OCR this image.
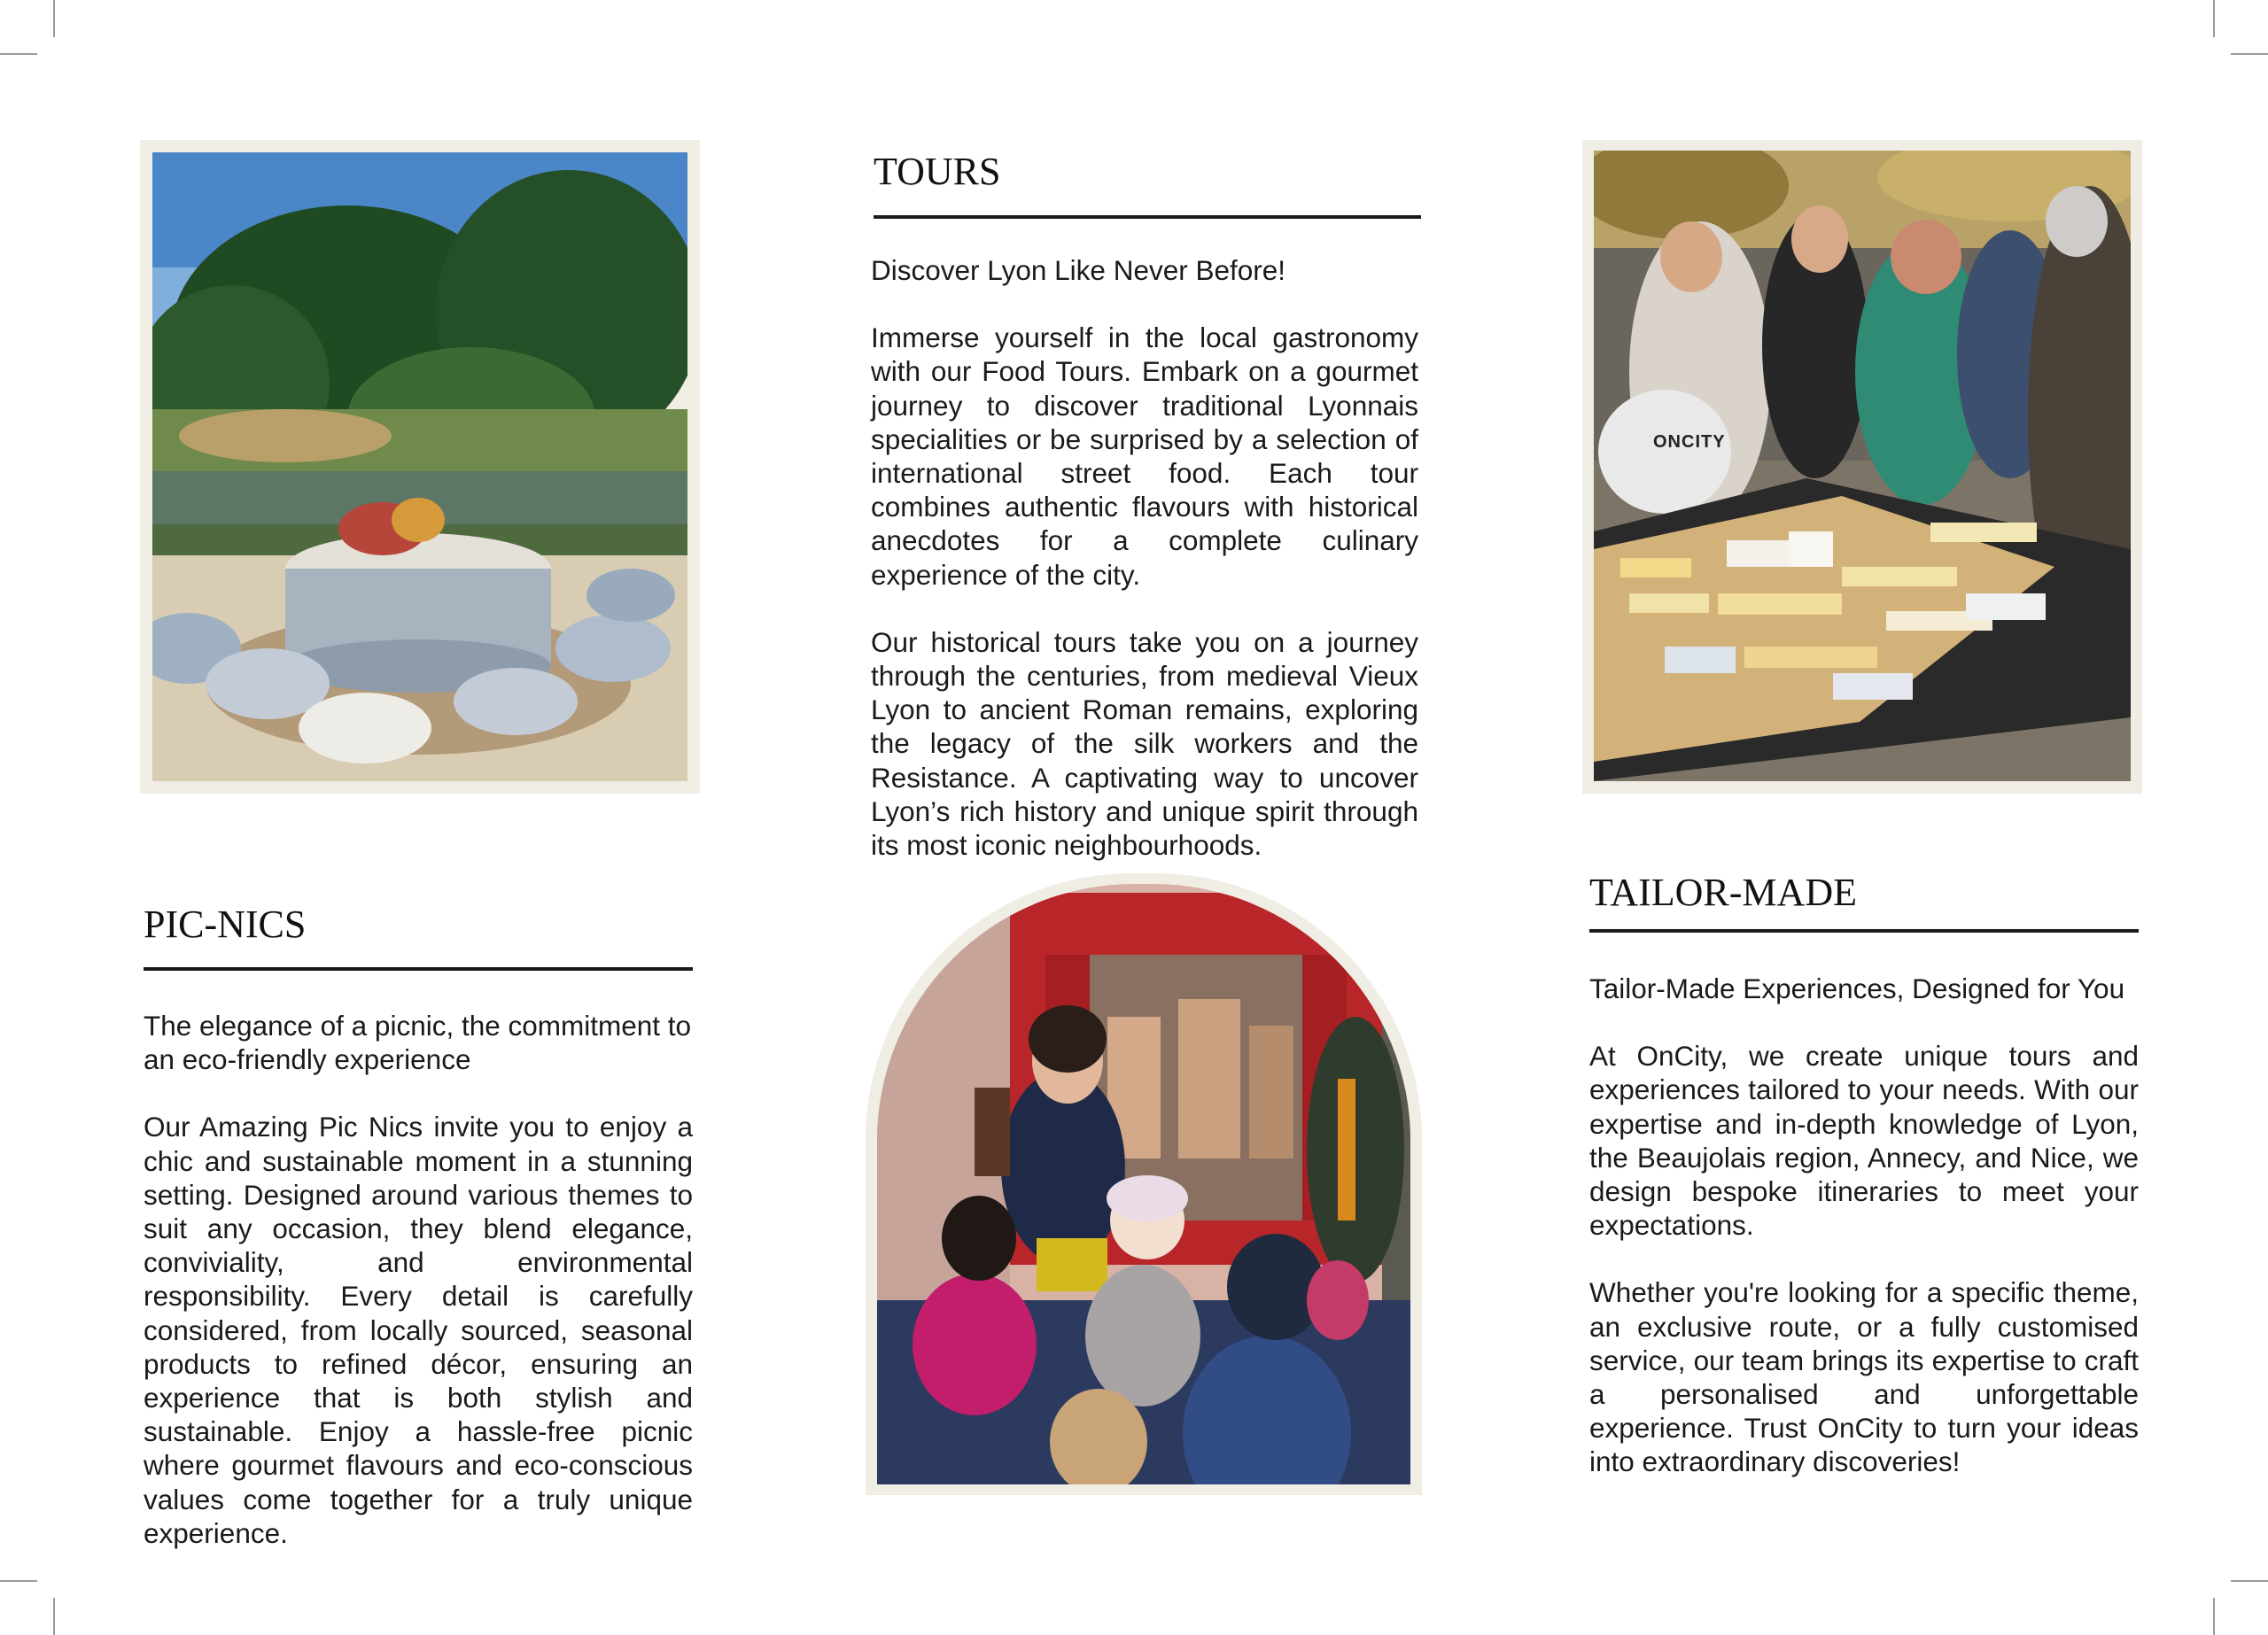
TOURS

Discover Lyon Like Never Before!

Immerse yourself in the local gastronomy with our Food Tours. Embark on a gourmet journey to discover traditional Lyonnais specialities or be surprised by a selection of international street food. Each tour combines authentic flavours with historical anecdotes for a complete culinary experience of the city.

Our historical tours take you on a journey through the centuries, from medieval Vieux Lyon to ancient Roman remains, exploring the legacy of the silk workers and the Resistance. A captivating way to uncover Lyon’s rich history and unique spirit through its most iconic neighbourhoods.

PIC-NICS

The elegance of a picnic, the commitment to an eco-friendly experience

Our Amazing Pic Nics invite you to enjoy a chic and sustainable moment in a stunning setting. Designed around various themes to suit any occasion, they blend elegance, conviviality, and environmental responsibility. Every detail is carefully considered, from locally sourced, seasonal products to refined décor, ensuring an experience that is both stylish and sustainable. Enjoy a hassle-free picnic where gourmet flavours and eco-conscious values come together for a truly unique experience.

ONCITY
TAILOR-MADE

Tailor-Made Experiences, Designed for You

At OnCity, we create unique tours and experiences tailored to your needs. With our expertise and in-depth knowledge of Lyon, the Beaujolais region, Annecy, and Nice, we design bespoke itineraries to meet your expectations.

Whether you're looking for a specific theme, an exclusive route, or a fully customised service, our team brings its expertise to craft a personalised and unforgettable experience. Trust OnCity to turn your ideas into extraordinary discoveries!
